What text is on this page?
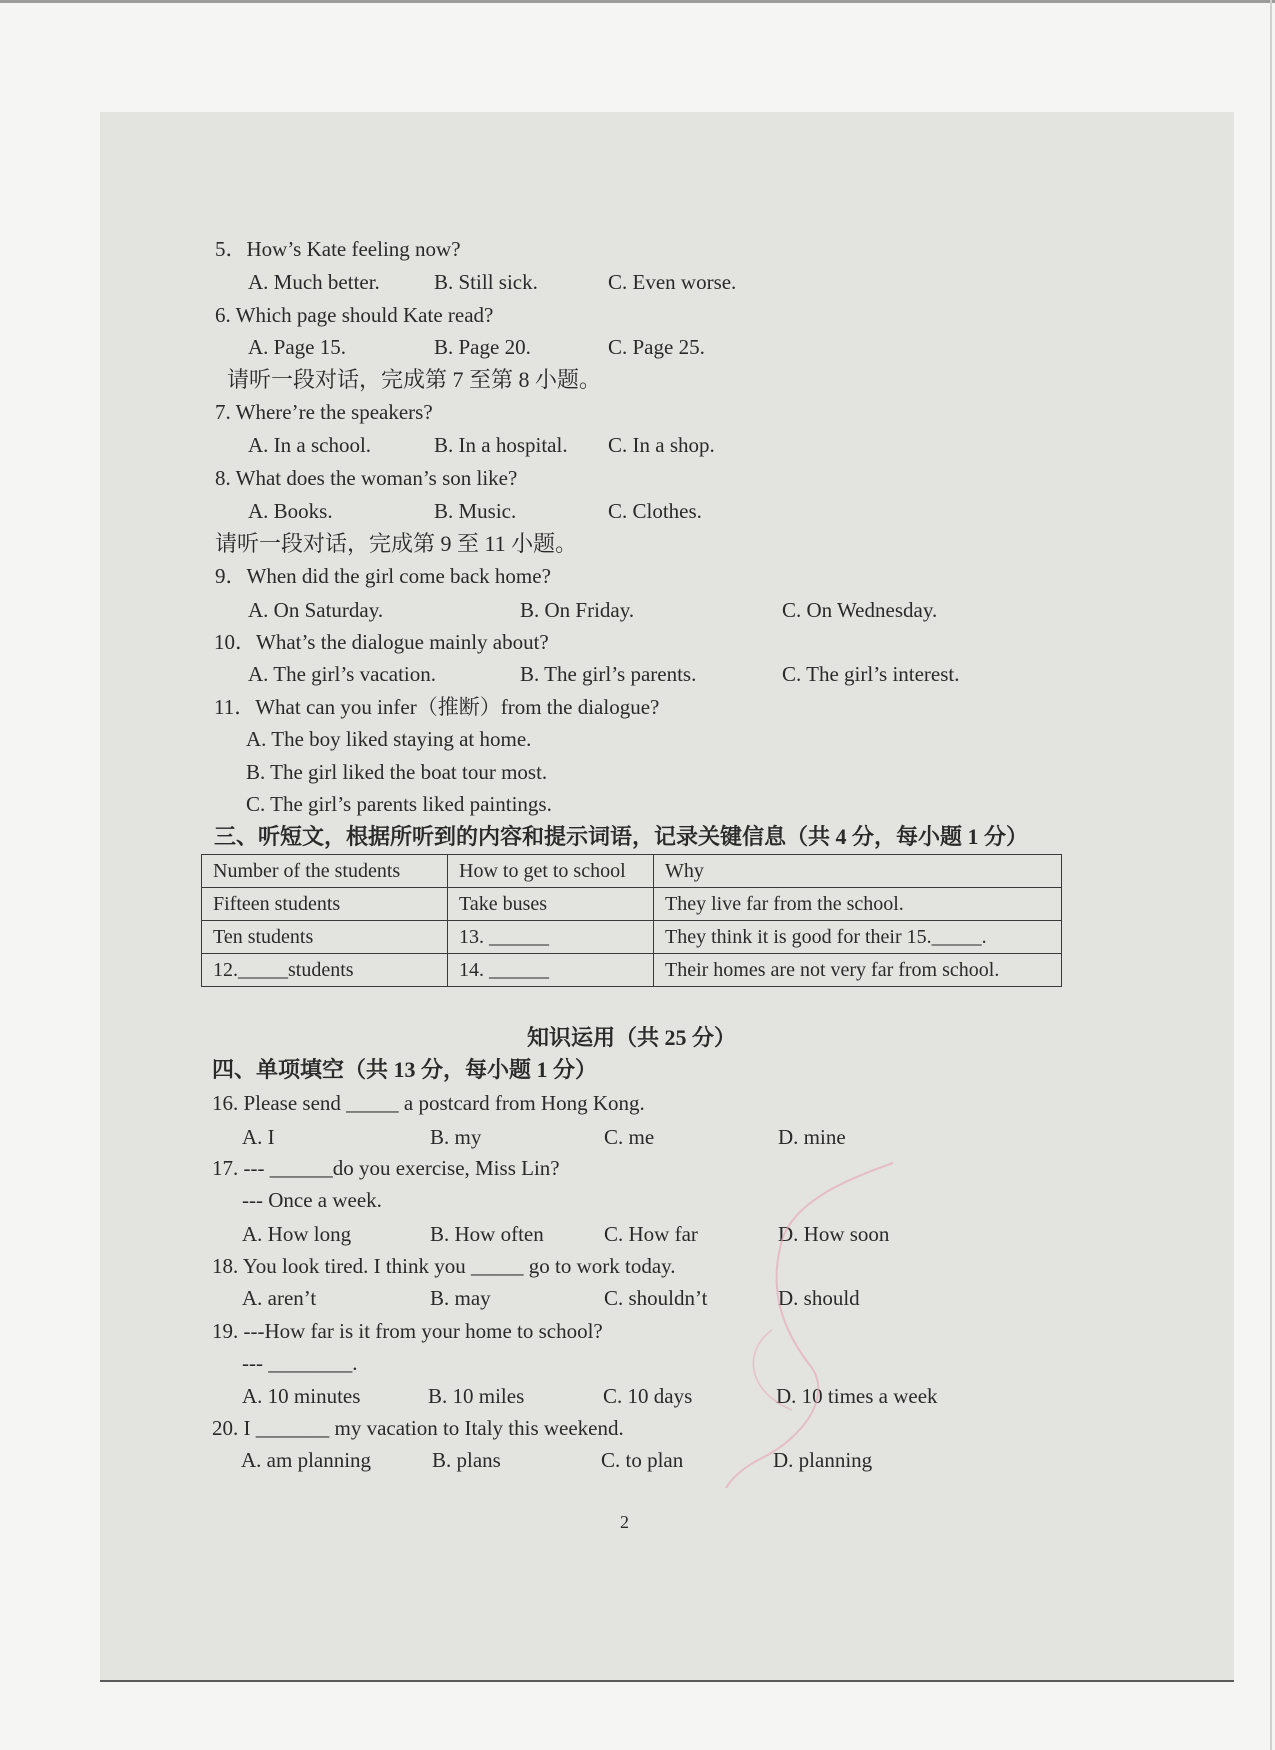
5．How’s Kate feeling now?
A. Much better.	B. Still sick.	C. Even worse.
6. Which page should Kate read?
A. Page 15.	B. Page 20.	C. Page 25.
请听一段对话，完成第 7 至第 8 小题。
7. Where’re the speakers?
A. In a school.	B. In a hospital. C. In a shop.
8. What does the woman’s son like?
A. Books.	B. Music.	C. Clothes.
请听一段对话，完成第 9 至 11 小题。
9．When did the girl come back home?
A. On Saturday.	B. On Friday.	C. On Wednesday.
10．What’s the dialogue mainly about?
A. The girl’s vacation.	B. The girl’s parents.	C. The girl’s interest.
11．What can you infer（推断）from the dialogue?
A. The boy liked staying at home.
B. The girl liked the boat tour most.
C. The girl’s parents liked paintings.
三、听短文，根据所听到的内容和提示词语，记录关键信息（共 4 分，每小题 1 分）
Number of the students	How to get to school	Why
Fifteen students	Take buses	They live far from the school.
Ten students	13. ______	They think it is good for their 15._____.
12._____students	14. ______	Their homes are not very far from school.
知识运用（共 25 分）
四、单项填空（共 13 分，每小题 1 分）
16. Please send _____ a postcard from Hong Kong.
A. I	B. my	C. me	D. mine
17. --- ______do you exercise, Miss Lin?
--- Once a week.
A. How long	B. How often	C. How far	D. How soon
18. You look tired. I think you _____ go to work today.
A. aren’t	B. may	C. shouldn’t	D. should
19. ---How far is it from your home to school?
--- ________.
A. 10 minutes	B. 10 miles	C. 10 days	D. 10 times a week
20. I _______ my vacation to Italy this weekend.
A. am planning	B. plans	C. to plan	D. planning
2
